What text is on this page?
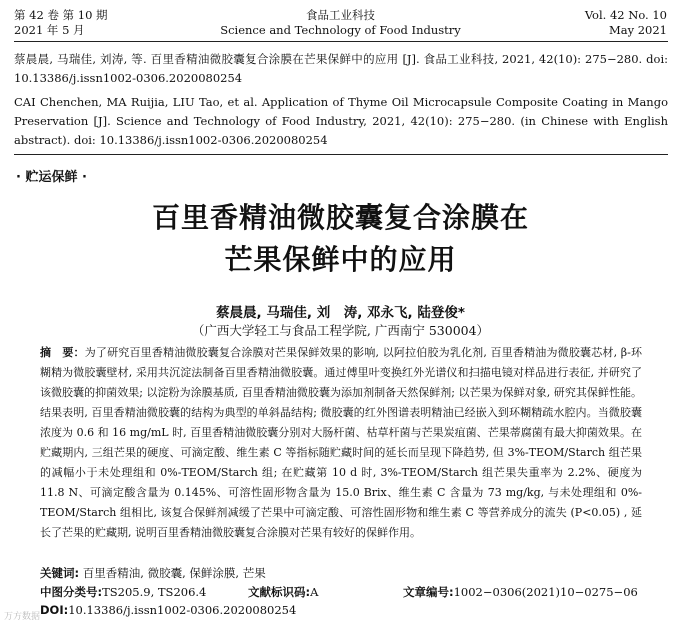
第 42 卷 第 10 期
2021 年 5 月
食品工业科技
Science and Technology of Food Industry
Vol. 42 No. 10
May 2021
蔡晨晨, 马瑞佳, 刘涛, 等. 百里香精油微胶囊复合涂膜在芒果保鲜中的应用 [J]. 食品工业科技, 2021, 42(10): 275−280. doi: 10.13386/j.issn1002-0306.2020080254
CAI Chenchen, MA Ruijia, LIU Tao, et al. Application of Thyme Oil Microcapsule Composite Coating in Mango Preservation [J]. Science and Technology of Food Industry, 2021, 42(10): 275−280. (in Chinese with English abstract). doi: 10.13386/j.issn1002-0306.2020080254
· 贮运保鲜 ·
百里香精油微胶囊复合涂膜在
芒果保鲜中的应用
蔡晨晨, 马瑞佳, 刘　涛, 邓永飞, 陆登俊*
（广西大学轻工与食品工程学院, 广西南宁 530004）
摘　要：为了研究百里香精油微胶囊复合涂膜对芒果保鲜效果的影响, 以阿拉伯胶为乳化剂, 百里香精油为微胶囊芯材, β-环糊精为微胶囊壁材, 采用共沉淀法制备百里香精油微胶囊。通过傅里叶变换红外光谱仪和扫描电镜对样品进行表征, 并研究了该微胶囊的抑菌效果; 以淀粉为涂膜基质, 百里香精油微胶囊为添加剂制备天然保鲜剂; 以芒果为保鲜对象, 研究其保鲜性能。结果表明, 百里香精油微胶囊的结构为典型的单斜晶结构; 微胶囊的红外图谱表明精油已经嵌入到环糊精疏水腔内。当微胶囊浓度为 0.6 和 16 mg/mL 时, 百里香精油微胶囊分别对大肠杆菌、枯草杆菌与芒果炭疽菌、芒果蒂腐菌有最大抑菌效果。在贮藏期内, 三组芒果的硬度、可滴定酸、维生素 C 等指标随贮藏时间的延长而呈现下降趋势, 但 3%-TEOM/Starch 组芒果的减幅小于未处理组和 0%-TEOM/Starch 组; 在贮藏第 10 d 时, 3%-TEOM/Starch 组芒果失重率为 2.2%、硬度为 11.8 N、可滴定酸含量为 0.145%、可溶性固形物含量为 15.0 Brix、维生素 C 含量为 73 mg/kg, 与未处理组和 0%-TEOM/Starch 组相比, 该复合保鲜剂减缓了芒果中可滴定酸、可溶性固形物和维生素 C 等营养成分的流失 (P<0.05) , 延长了芒果的贮藏期, 说明百里香精油微胶囊复合涂膜对芒果有较好的保鲜作用。
关键词: 百里香精油, 微胶囊, 保鲜涂膜, 芒果
中图分类号:TS205.9, TS206.4	文献标识码:A	文章编号:1002−0306(2021)10−0275−06
DOI:10.13386/j.issn1002-0306.2020080254
万方数据
